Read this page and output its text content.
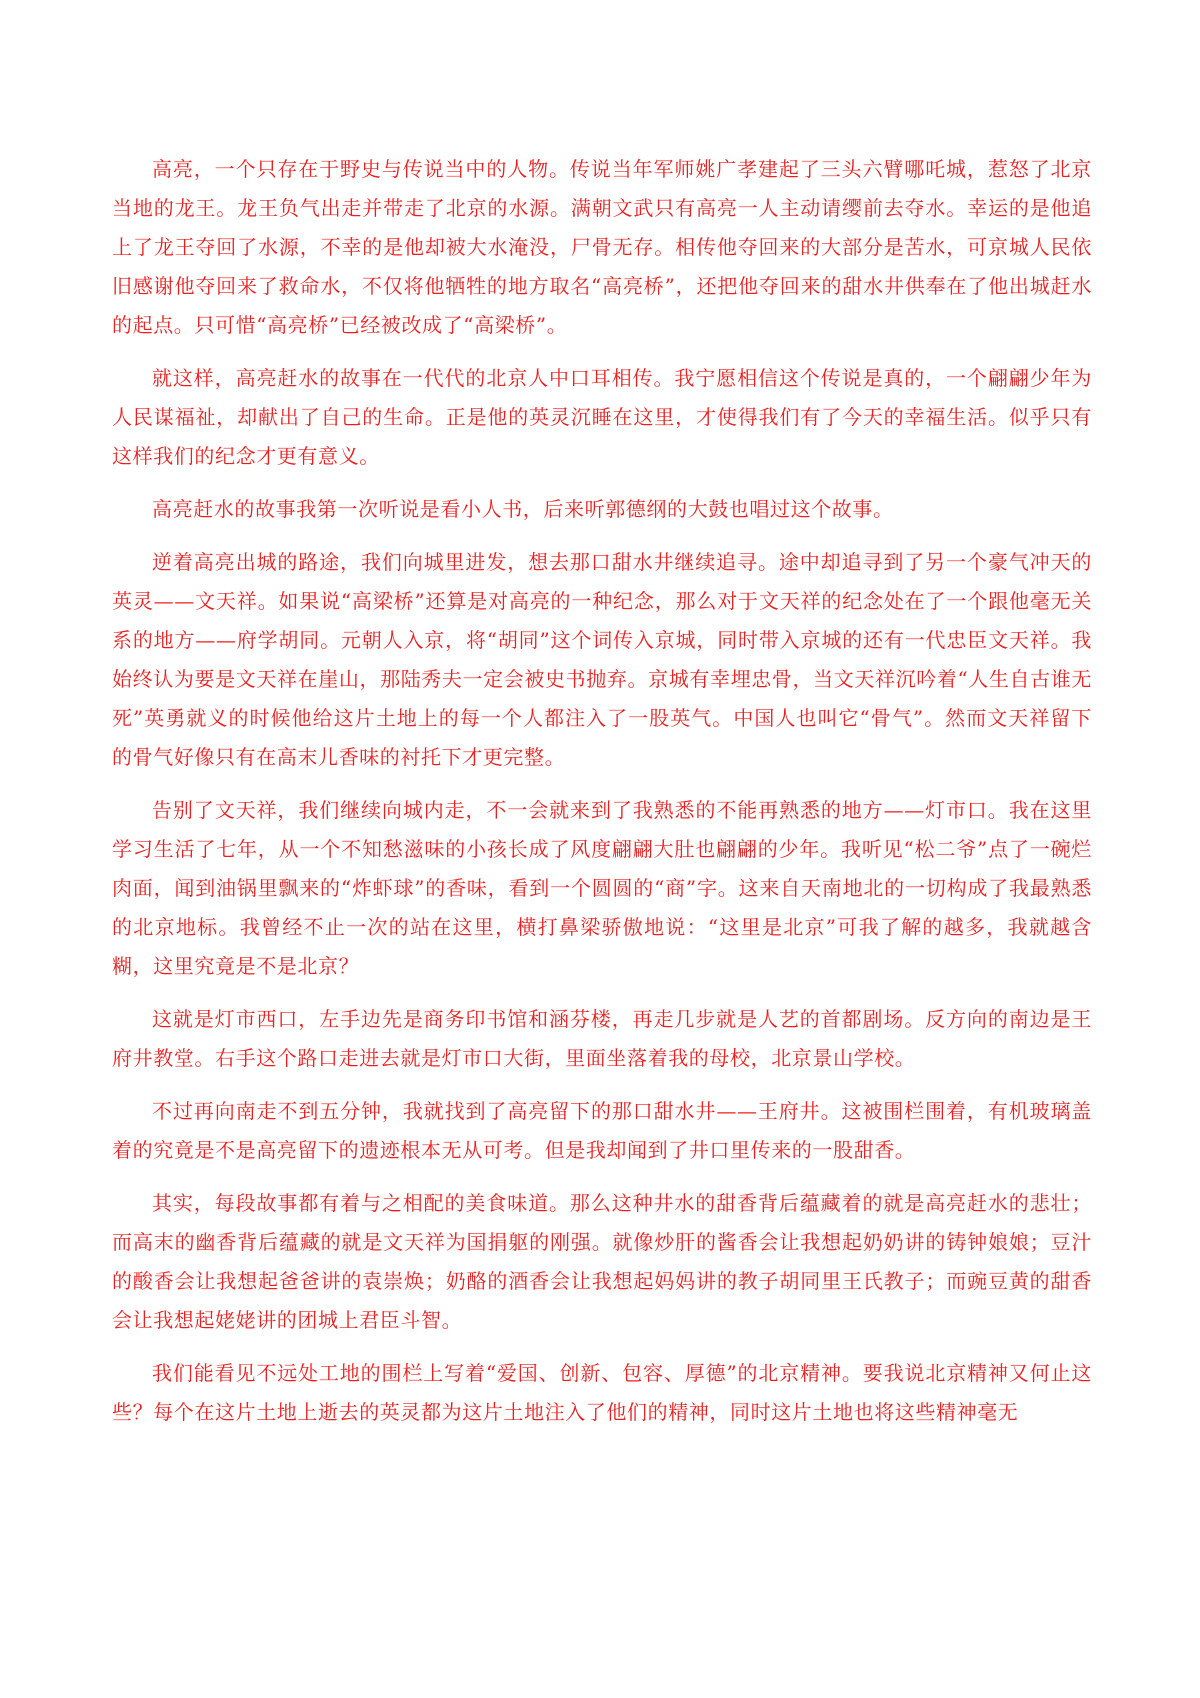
高亮，一个只存在于野史与传说当中的人物。传说当年军师姚广孝建起了三头六臂哪吒城，惹怒了北京当地的龙王。龙王负气出走并带走了北京的水源。满朝文武只有高亮一人主动请缨前去夺水。幸运的是他追上了龙王夺回了水源，不幸的是他却被大水淹没，尸骨无存。相传他夺回来的大部分是苦水，可京城人民依旧感谢他夺回来了救命水，不仅将他牺牲的地方取名“高亮桥”，还把他夺回来的甜水井供奉在了他出城赶水的起点。只可惜“高亮桥”已经被改成了“高梁桥”。

就这样，高亮赶水的故事在一代代的北京人中口耳相传。我宁愿相信这个传说是真的，一个翩翩少年为人民谋福祉，却献出了自己的生命。正是他的英灵沉睡在这里，才使得我们有了今天的幸福生活。似乎只有这样我们的纪念才更有意义。

高亮赶水的故事我第一次听说是看小人书，后来听郭德纲的大鼓也唱过这个故事。

逆着高亮出城的路途，我们向城里进发，想去那口甜水井继续追寻。途中却追寻到了另一个豪气冲天的英灵——文天祥。如果说“高梁桥”还算是对高亮的一种纪念，那么对于文天祥的纪念处在了一个跟他毫无关系的地方——府学胡同。元朝人入京，将“胡同”这个词传入京城，同时带入京城的还有一代忠臣文天祥。我始终认为要是文天祥在崖山，那陆秀夫一定会被史书抛弃。京城有幸埋忠骨，当文天祥沉吟着“人生自古谁无死”英勇就义的时候他给这片土地上的每一个人都注入了一股英气。中国人也叫它“骨气”。然而文天祥留下的骨气好像只有在高末儿香味的衬托下才更完整。

告别了文天祥，我们继续向城内走，不一会就来到了我熟悉的不能再熟悉的地方——灯市口。我在这里学习生活了七年，从一个不知愁滋味的小孩长成了风度翩翩大肚也翩翩的少年。我听见“松二爷”点了一碗烂肉面，闻到油锅里飘来的“炸虾球”的香味，看到一个圆圆的“商”字。这来自天南地北的一切构成了我最熟悉的北京地标。我曾经不止一次的站在这里，横打鼻梁骄傲地说：“这里是北京”可我了解的越多，我就越含糊，这里究竟是不是北京？

这就是灯市西口，左手边先是商务印书馆和涵芬楼，再走几步就是人艺的首都剧场。反方向的南边是王府井教堂。右手这个路口走进去就是灯市口大街，里面坐落着我的母校，北京景山学校。

不过再向南走不到五分钟，我就找到了高亮留下的那口甜水井——王府井。这被围栏围着，有机玻璃盖着的究竟是不是高亮留下的遗迹根本无从可考。但是我却闻到了井口里传来的一股甜香。

其实，每段故事都有着与之相配的美食味道。那么这种井水的甜香背后蕴藏着的就是高亮赶水的悲壮；而高末的幽香背后蕴藏的就是文天祥为国捐躯的刚强。就像炒肝的酱香会让我想起奶奶讲的铸钟娘娘；豆汁的酸香会让我想起爸爸讲的袁崇焕；奶酪的酒香会让我想起妈妈讲的教子胡同里王氏教子；而豌豆黄的甜香会让我想起姥姥讲的团城上君臣斗智。

我们能看见不远处工地的围栏上写着“爱国、创新、包容、厚德”的北京精神。要我说北京精神又何止这些？每个在这片土地上逝去的英灵都为这片土地注入了他们的精神，同时这片土地也将这些精神毫无
